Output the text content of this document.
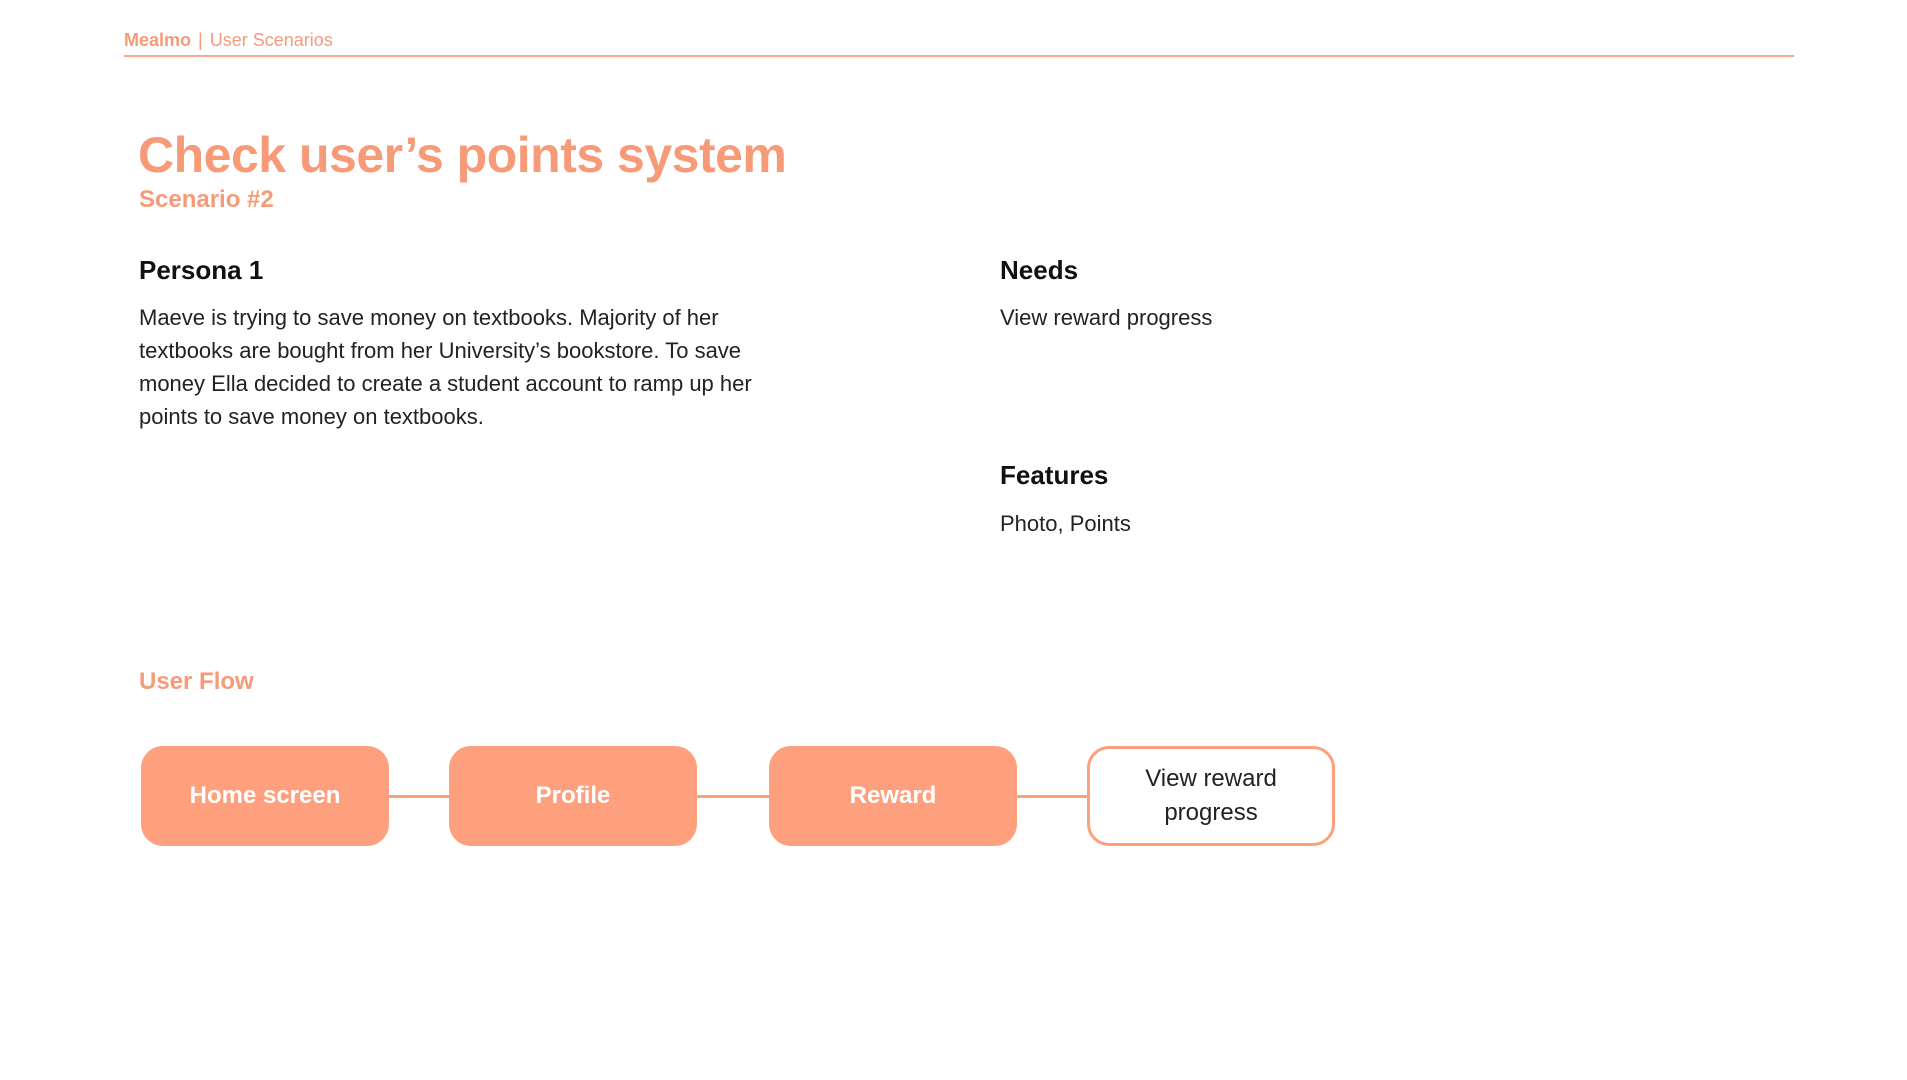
Mealmo | User Scenarios
Check user’s points system
Scenario #2
Persona 1
Maeve is trying to save money on textbooks. Majority of her textbooks are bought from her University’s bookstore. To save money Ella decided to create a student account to ramp up her points to save money on textbooks.
Needs
View reward progress
Features
Photo, Points
User Flow
Home screen	Profile	Reward
View reward progress
